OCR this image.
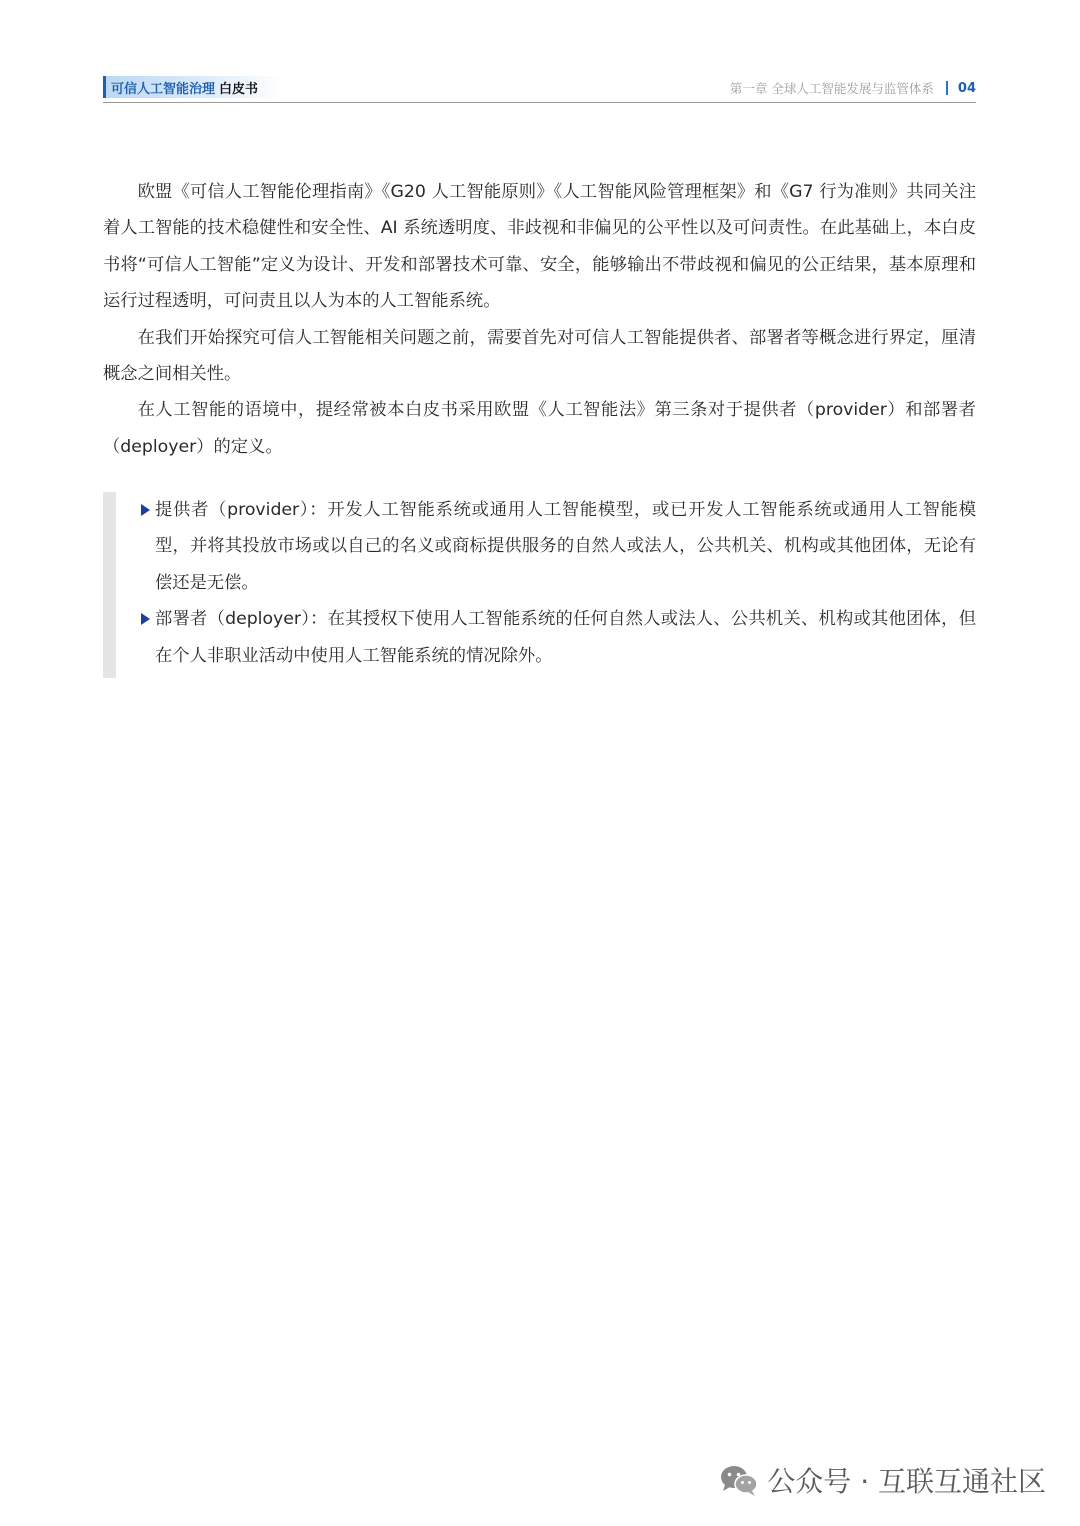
可信人工智能治理 白皮书	第一章 全球人工智能发展与监管体系 04

欧盟《可信人工智能伦理指南》《G20 人工智能原则》《人工智能风险管理框架》和《G7 行为准则》共同关注着人工智能的技术稳健性和安全性、AI 系统透明度、非歧视和非偏见的公平性以及可问责性。在此基础上，本白皮书将“可信人工智能”定义为设计、开发和部署技术可靠、安全，能够输出不带歧视和偏见的公正结果，基本原理和运行过程透明，可问责且以人为本的人工智能系统。

在我们开始探究可信人工智能相关问题之前，需要首先对可信人工智能提供者、部署者等概念进行界定，厘清概念之间相关性。

在人工智能的语境中，提经常被本白皮书采用欧盟《人工智能法》第三条对于提供者（provider）和部署者（deployer）的定义。

提供者（provider）：开发人工智能系统或通用人工智能模型，或已开发人工智能系统或通用人工智能模型，并将其投放市场或以自己的名义或商标提供服务的自然人或法人，公共机关、机构或其他团体，无论有偿还是无偿。
部署者（deployer）：在其授权下使用人工智能系统的任何自然人或法人、公共机关、机构或其他团体，但在个人非职业活动中使用人工智能系统的情况除外。
公众号 · 互联互通社区
